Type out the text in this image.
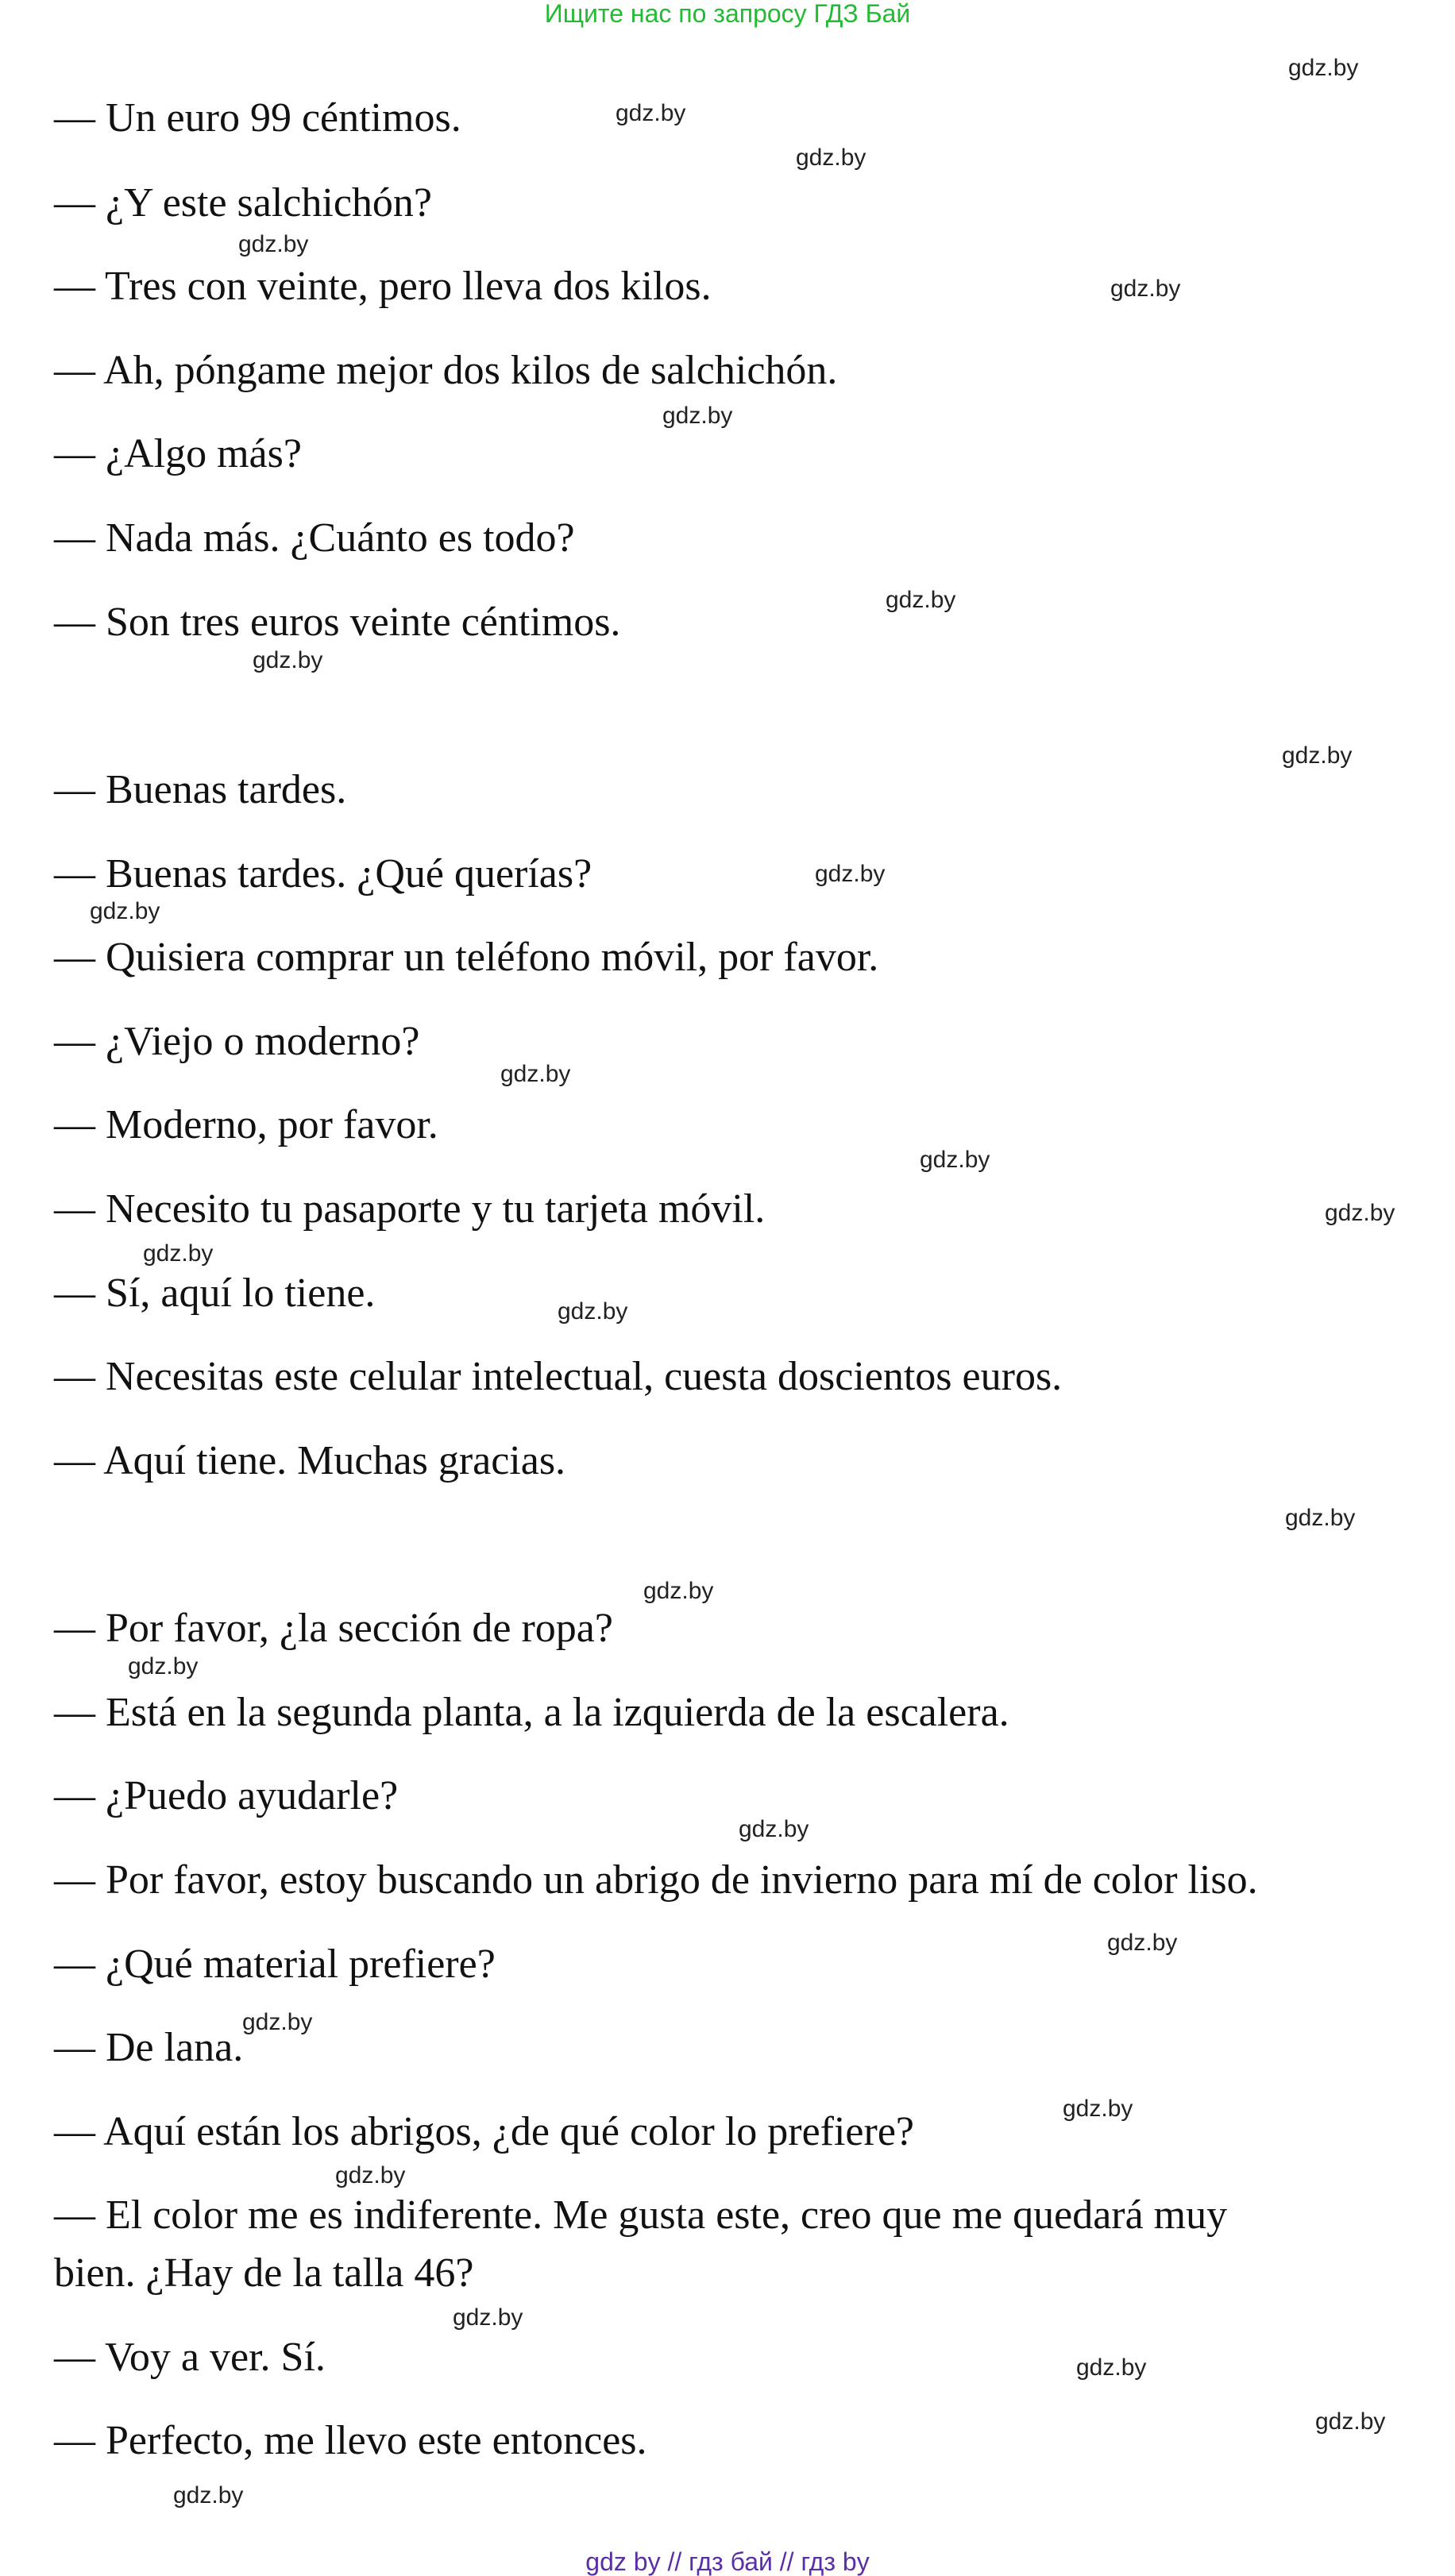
Ищите нас по запросу ГДЗ Бай
— Un euro 99 céntimos.
— ¿Y este salchichón?
— Tres con veinte, pero lleva dos kilos.
— Ah, póngame mejor dos kilos de salchichón.
— ¿Algo más?
— Nada más. ¿Cuánto es todo?
— Son tres euros veinte céntimos.
— Buenas tardes.
— Buenas tardes. ¿Qué querías?
— Quisiera comprar un teléfono móvil, por favor.
— ¿Viejo o moderno?
— Moderno, por favor.
— Necesito tu pasaporte y tu tarjeta móvil.
— Sí, aquí lo tiene.
— Necesitas este celular intelectual, cuesta doscientos euros.
— Aquí tiene. Muchas gracias.
— Por favor, ¿la sección de ropa?
— Está en la segunda planta, a la izquierda de la escalera.
— ¿Puedo ayudarle?
— Por favor, estoy buscando un abrigo de invierno para mí de color liso.
— ¿Qué material prefiere?
— De lana.
— Aquí están los abrigos, ¿de qué color lo prefiere?
— El color me es indiferente. Me gusta este, creo que me quedará muy
bien. ¿Hay de la talla 46?
— Voy a ver. Sí.
— Perfecto, me llevo este entonces.
gdz.by
gdz.by
gdz.by
gdz.by
gdz.by
gdz.by
gdz.by
gdz.by
gdz.by
gdz.by
gdz.by
gdz.by
gdz.by
gdz.by
gdz.by
gdz.by
gdz.by
gdz.by
gdz.by
gdz.by
gdz.by
gdz.by
gdz.by
gdz.by
gdz.by
gdz.by
gdz.by
gdz.by
gdz by // гдз бай // гдз by
